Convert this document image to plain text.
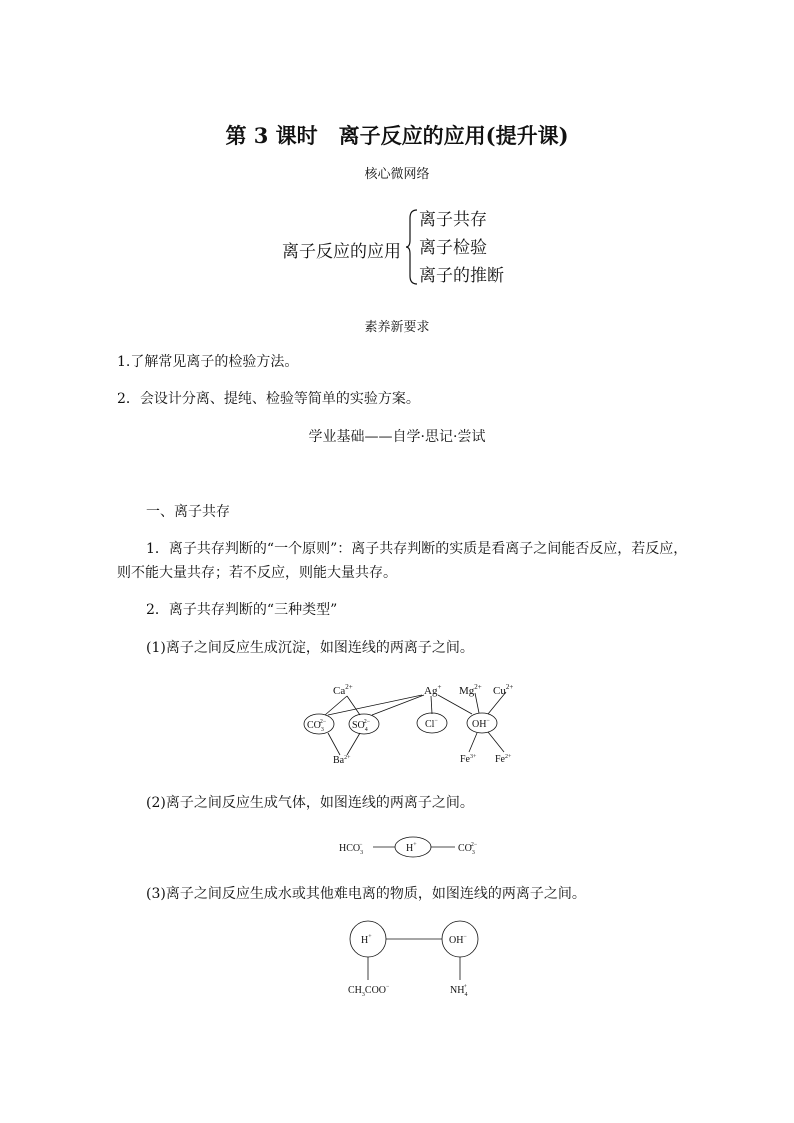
第 3 课时　离子反应的应用(提升课)
核心微网络
离子反应的应用
离子共存
离子检验
离子的推断
素养新要求
1.了解常见离子的检验方法。
2．会设计分离、提纯、检验等简单的实验方案。
学业基础——自学·思记·尝试
一、离子共存
1．离子共存判断的“一个原则”：离子共存判断的实质是看离子之间能否反应，若反应，
则不能大量共存；若不反应，则能大量共存。
2．离子共存判断的“三种类型”
(1)离子之间反应生成沉淀，如图连线的两离子之间。
$Ca^{2+}$	Ag+ $Mg^{2+}$ $Cu^{2+}$
$CO_32-$	$SO_42-$	Cl−	OH−
$Ba^{2+}$	$Fe^{3+}$ $Fe^{2+}$
(2)离子之间反应生成气体，如图连线的两离子之间。
$HCO_3-$	H+	$CO_32-$
(3)离子之间反应生成水或其他难电离的物质，如图连线的两离子之间。
H+	OH−
$CH_3COO^-$	$NH_4+$
